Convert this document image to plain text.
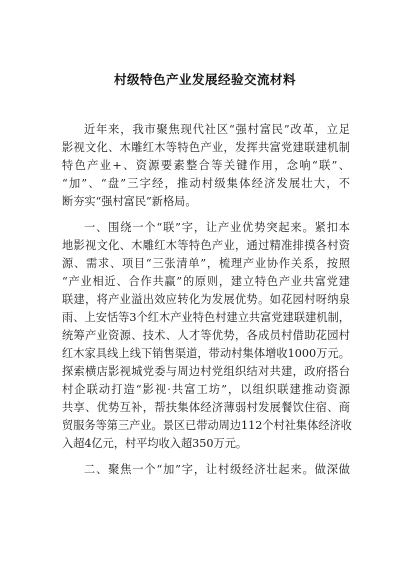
村级特色产业发展经验交流材料
近年来，我市聚焦现代社区“强村富民”改革，立足
影视文化、木雕红木等特色产业，发挥共富党建联建机制
特色产业+、资源要素整合等关键作用，念响“联”、
“加”、“盘”三字经，推动村级集体经济发展壮大，不
断夯实“强村富民”新格局。
一、围绕一个“联”字，让产业优势突起来。紧扣本
地影视文化、木雕红木等特色产业，通过精准排摸各村资
源、需求、项目“三张清单”，梳理产业协作关系，按照
“产业相近、合作共赢”的原则，建立特色产业共富党建
联建，将产业溢出效应转化为发展优势。如花园村呀纳泉
雨、上安恬等3个红木产业特色村建立共富党建联建机制，
统筹产业资源、技术、人才等优势，各成员村借助花园村
红木家具线上线下销售渠道，带动村集体增收1000万元。
探索横店影视城党委与周边村党组织结对共建，政府搭台
村企联动打造“影视·共富工坊”，以组织联建推动资源
共享、优势互补，帮扶集体经济薄弱村发展餐饮住宿、商
贸服务等第三产业。景区已带动周边112个村社集体经济收
入超4亿元，村平均收入超350万元。
二、聚焦一个“加”字，让村级经济壮起来。做深做
